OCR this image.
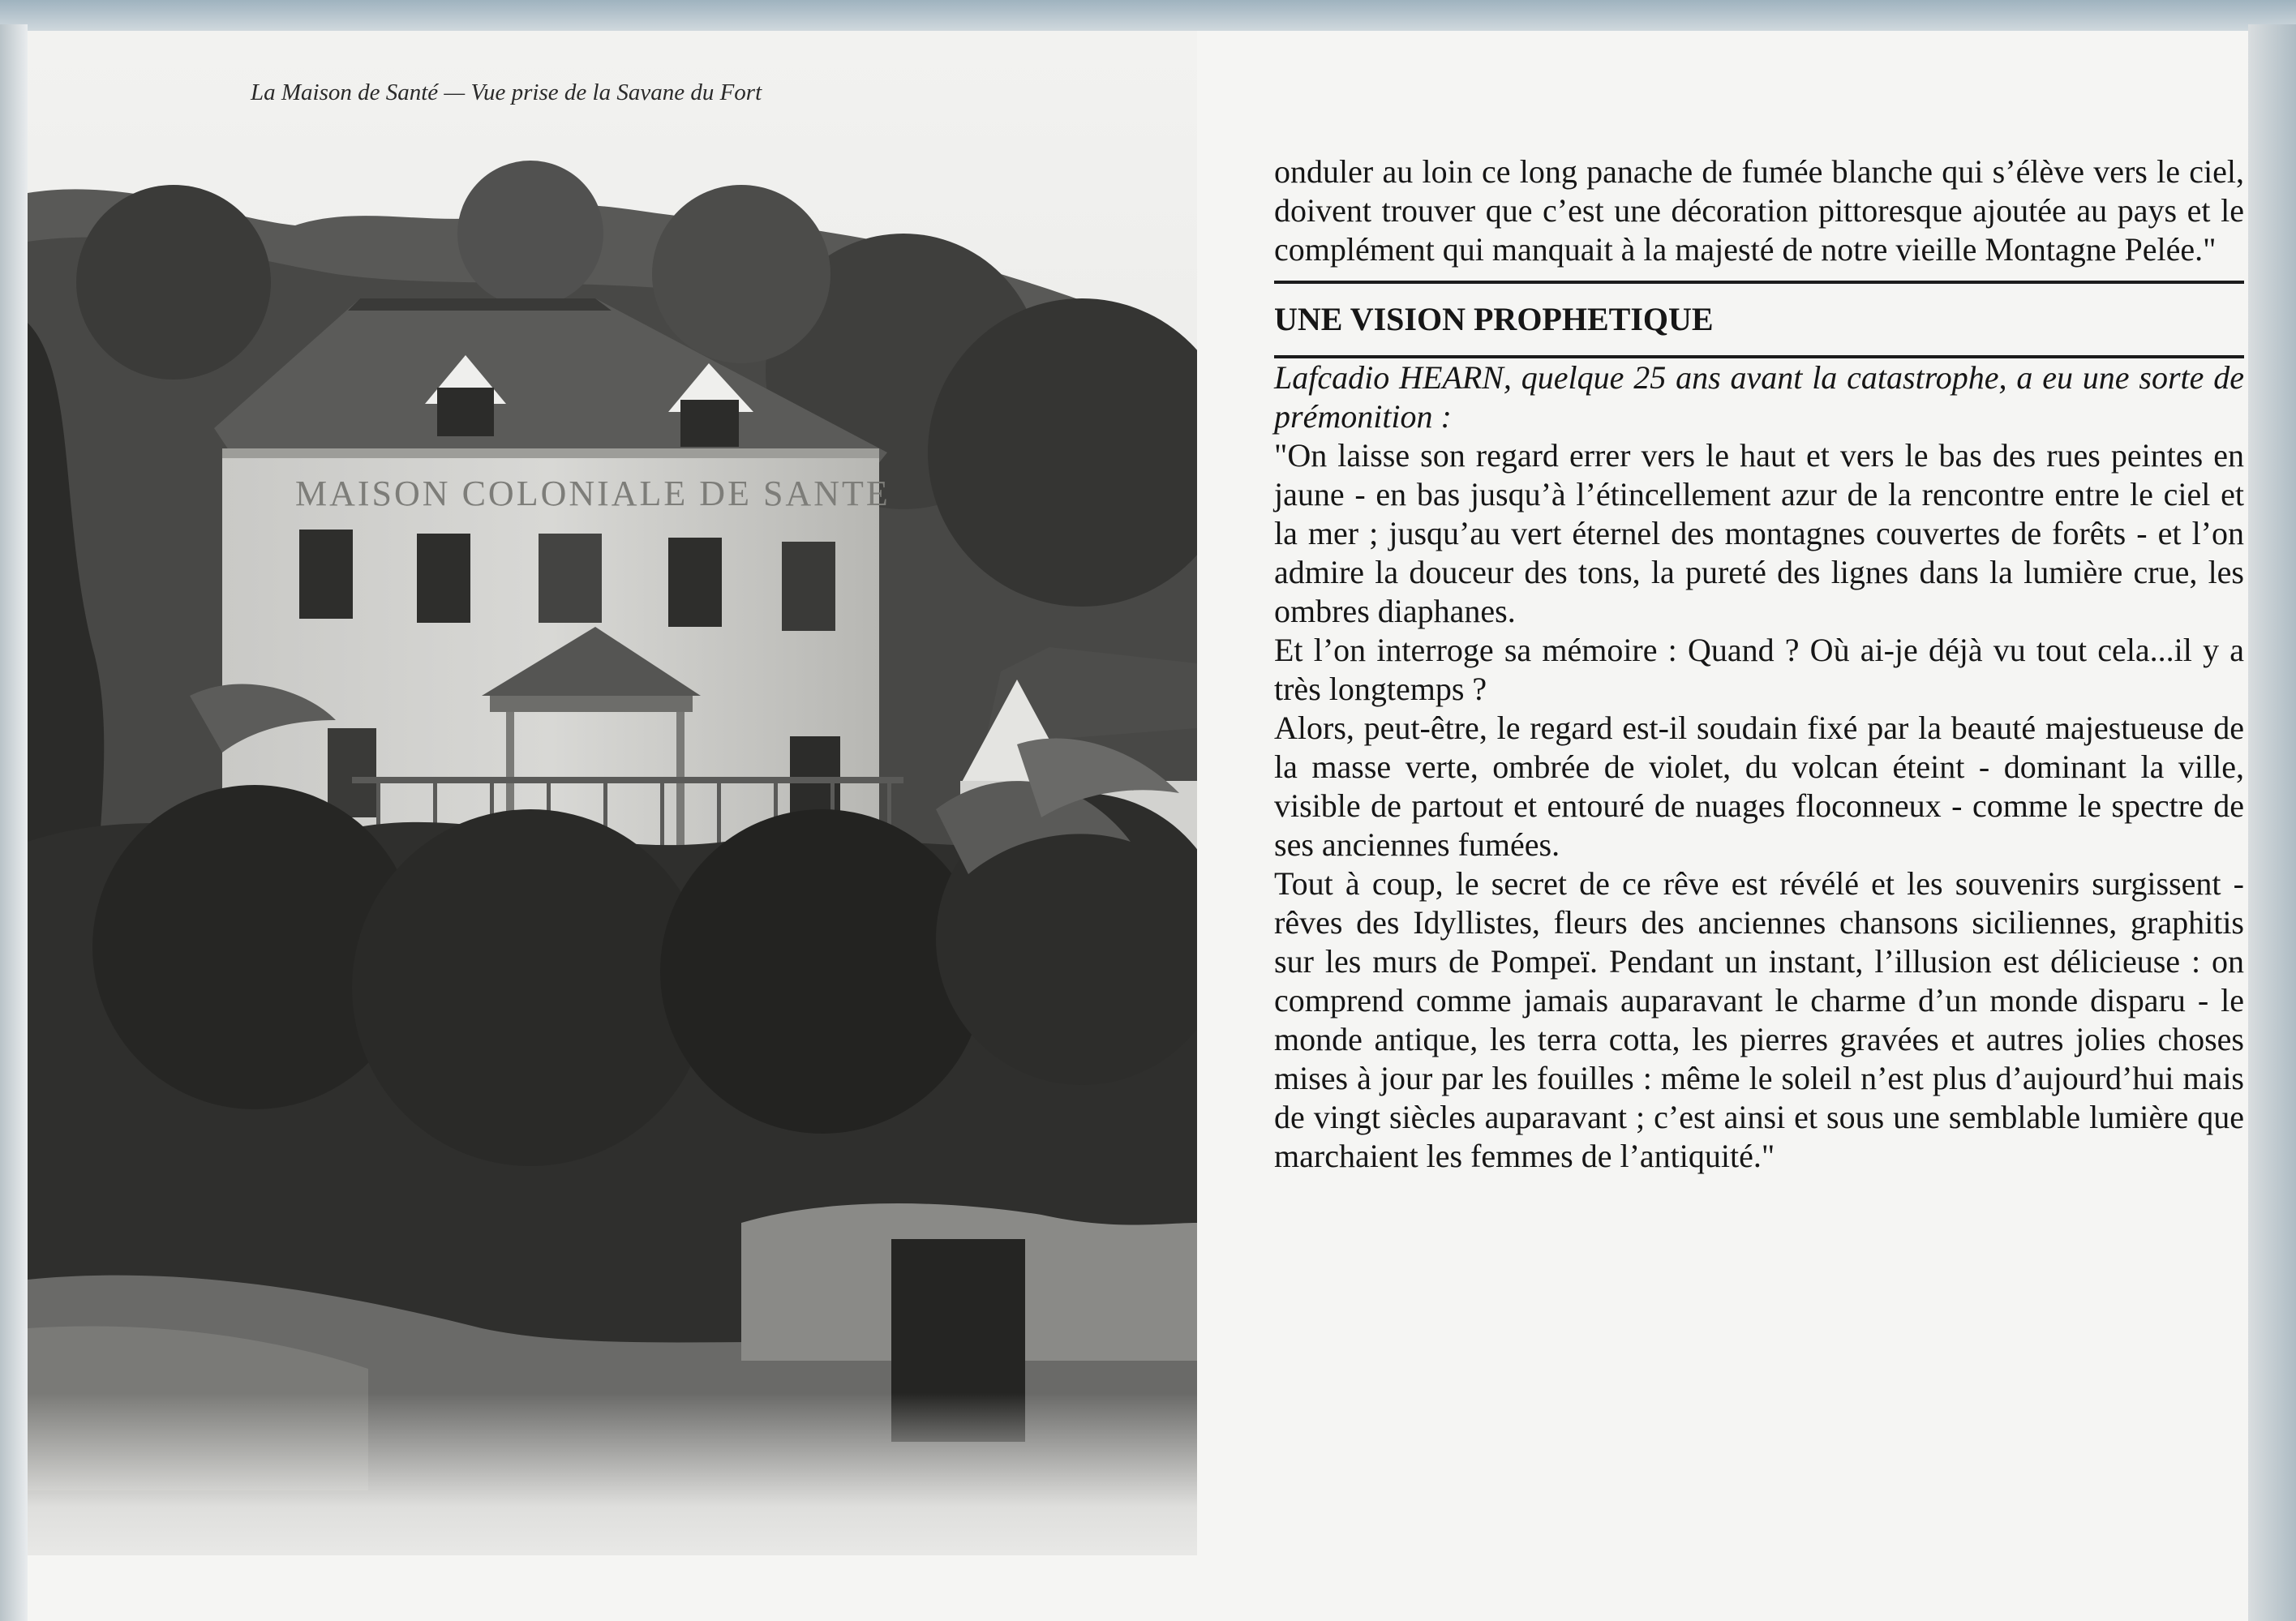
MAISON COLONIALE DE SANTE
La Maison de Santé — Vue prise de la Savane du Fort

onduler au loin ce long panache de fumée blanche qui s’élève vers le ciel, doivent trouver que c’est une décoration pittoresque ajoutée au pays et le complément qui manquait à la majesté de notre vieille Montagne Pelée."

UNE VISION PROPHETIQUE

Lafcadio HEARN, quelque 25 ans avant la catastrophe, a eu une sorte de prémonition :

"On laisse son regard errer vers le haut et vers le bas des rues peintes en jaune - en bas jusqu’à l’étincellement azur de la rencontre entre le ciel et la mer ; jusqu’au vert éternel des montagnes couvertes de forêts - et l’on admire la douceur des tons, la pureté des lignes dans la lumière crue, les ombres diaphanes.

Et l’on interroge sa mémoire : Quand ? Où ai-je déjà vu tout cela...il y a très longtemps ?

Alors, peut-être, le regard est-il soudain fixé par la beauté majestueuse de la masse verte, ombrée de violet, du volcan éteint - dominant la ville, visible de partout et entouré de nuages floconneux - comme le spectre de ses anciennes fumées.

Tout à coup, le secret de ce rêve est révélé et les souvenirs surgissent - rêves des Idyllistes, fleurs des anciennes chansons siciliennes, graphitis sur les murs de Pompeï. Pendant un instant, l’illusion est délicieuse : on comprend comme jamais auparavant le charme d’un monde disparu - le monde antique, les terra cotta, les pierres gravées et autres jolies choses mises à jour par les fouilles : même le soleil n’est plus d’aujourd’hui mais de vingt siècles auparavant ; c’est ainsi et sous une semblable lumière que marchaient les femmes de l’antiquité."
